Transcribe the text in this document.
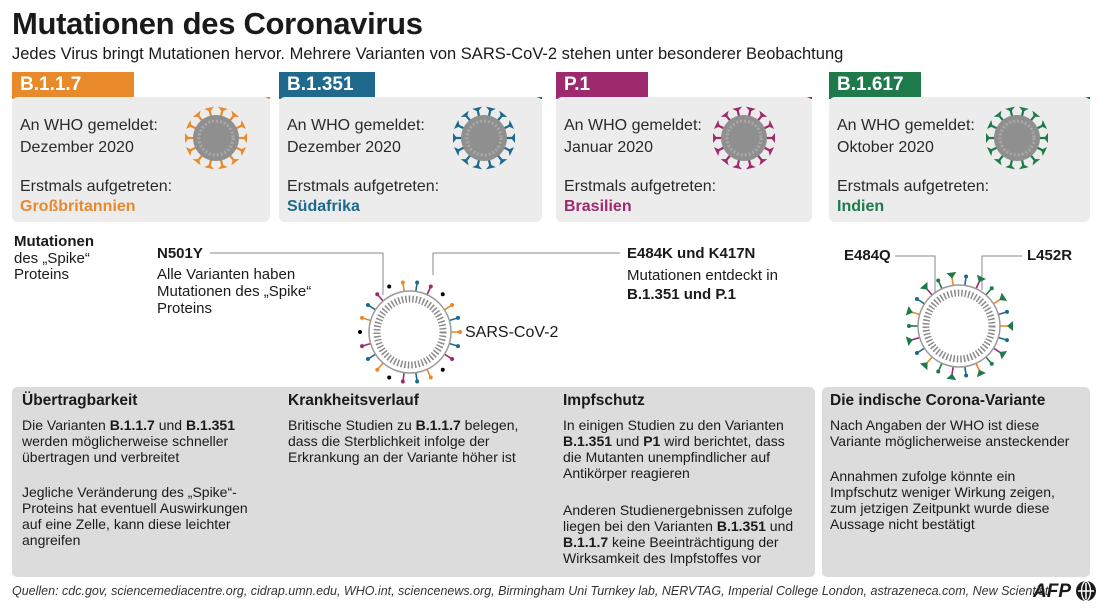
Mutationen des Coronavirus
Jedes Virus bringt Mutationen hervor. Mehrere Varianten von SARS-CoV-2 stehen unter besonderer Beobachtung
B.1.1.7
An WHO gemeldet:
Dezember 2020
Erstmals aufgetreten:
Großbritannien
B.1.351
An WHO gemeldet:
Dezember 2020
Erstmals aufgetreten:
Südafrika
P.1
An WHO gemeldet:
Januar 2020
Erstmals aufgetreten:
Brasilien
B.1.617
An WHO gemeldet:
Oktober 2020
Erstmals aufgetreten:
Indien
Mutationen
des „Spike“ Proteins
N501Y
Alle Varianten haben Mutationen des „Spike“ Proteins
E484K und K417N
Mutationen entdeckt in
B.1.351 und P.1
SARS-CoV-2
E484Q	L452R
Übertragbarkeit

Die Varianten B.1.1.7 und B.1.351 werden möglicherweise schneller übertragen und verbreitet

Jegliche Veränderung des „Spike“-Proteins hat eventuell Auswirkungen auf eine Zelle, kann diese leichter angreifen

Krankheitsverlauf

Britische Studien zu B.1.1.7 belegen, dass die Sterblichkeit infolge der Erkrankung an der Variante höher ist

Impfschutz

In einigen Studien zu den Varianten B.1.351 und P1 wird berichtet, dass die Mutanten unempfindlicher auf Antikörper reagieren

Anderen Studienergebnissen zufolge liegen bei den Varianten B.1.351 und B.1.1.7 keine Beeinträchtigung der Wirksamkeit des Impfstoffes vor

Die indische Corona-Variante

Nach Angaben der WHO ist diese Variante möglicherweise ansteckender

Annahmen zufolge könnte ein Impfschutz weniger Wirkung zeigen, zum jetzigen Zeitpunkt wurde diese Aussage nicht bestätigt

Quellen: cdc.gov, sciencemediacentre.org, cidrap.umn.edu, WHO.int, sciencenews.org, Birmingham Uni Turnkey lab, NERVTAG, Imperial College London, astrazeneca.com, New Scientist
AFP
